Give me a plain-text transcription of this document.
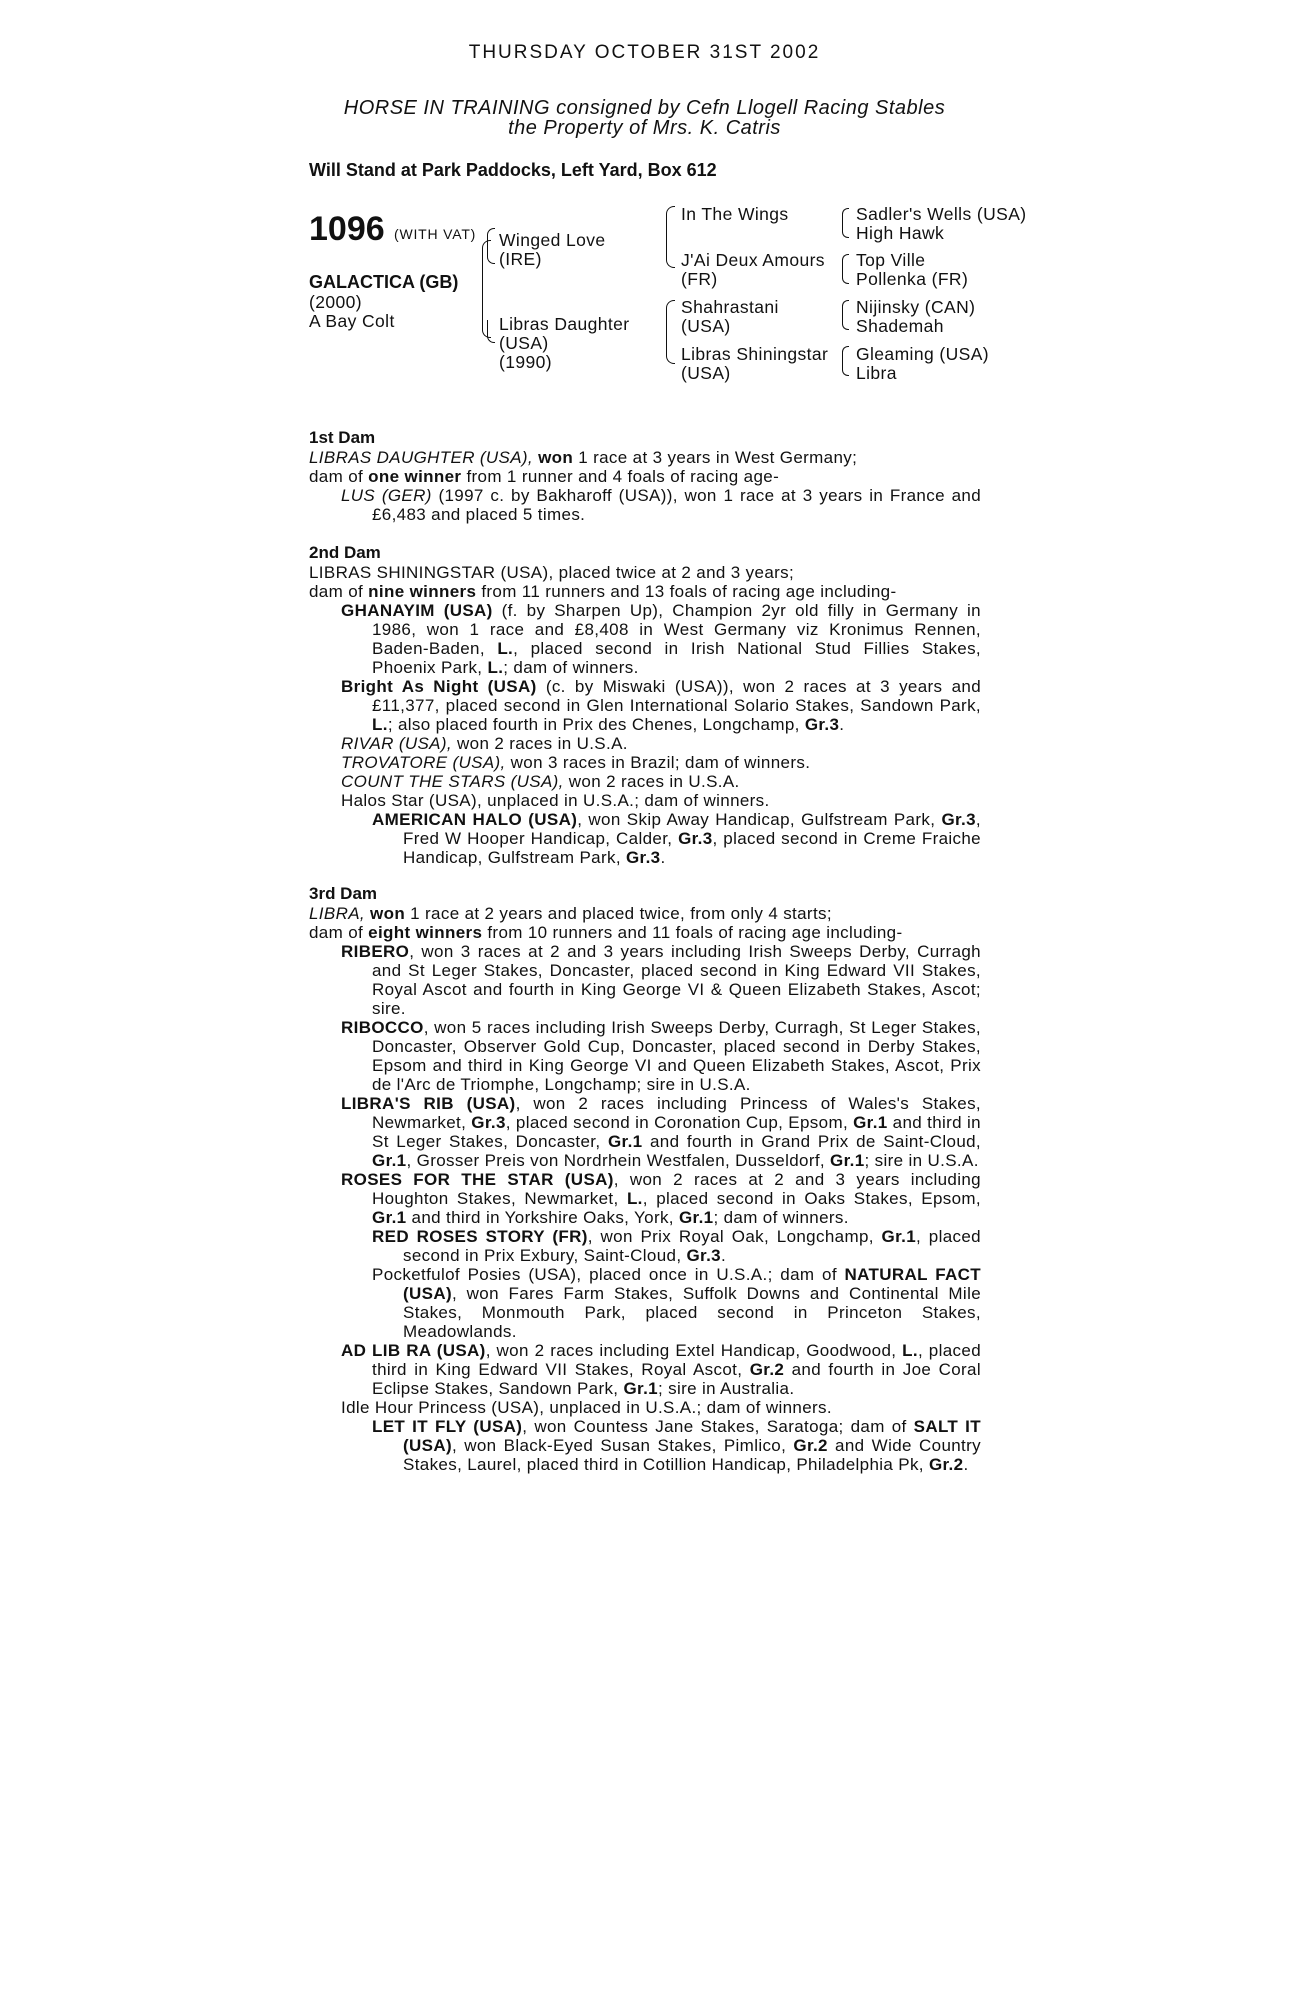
THURSDAY OCTOBER 31ST 2002
HORSE IN TRAINING consigned by Cefn Llogell Racing Stables
the Property of Mrs. K. Catris
Will Stand at Park Paddocks, Left Yard, Box 612
1096 (WITH VAT)
GALACTICA (GB)
(2000)
A Bay Colt
Winged Love
(IRE)
Libras Daughter
(USA)
(1990)
In The Wings
J'Ai Deux Amours
(FR)
Shahrastani
(USA)
Libras Shiningstar
(USA)
Sadler's Wells (USA)
High Hawk
Top Ville
Pollenka (FR)
Nijinsky (CAN)
Shademah
Gleaming (USA)
Libra

1st Dam

LIBRAS DAUGHTER (USA), won 1 race at 3 years in West Germany;

dam of one winner from 1 runner and 4 foals of racing age-

LUS (GER) (1997 c. by Bakharoff (USA)), won 1 race at 3 years in France and £6,483 and placed 5 times.

2nd Dam

LIBRAS SHININGSTAR (USA), placed twice at 2 and 3 years;

dam of nine winners from 11 runners and 13 foals of racing age including-

GHANAYIM (USA) (f. by Sharpen Up), Champion 2yr old filly in Germany in 1986, won 1 race and £8,408 in West Germany viz Kronimus Rennen, Baden-Baden, L., placed second in Irish National Stud Fillies Stakes, Phoenix Park, L.; dam of winners.

Bright As Night (USA) (c. by Miswaki (USA)), won 2 races at 3 years and £11,377, placed second in Glen International Solario Stakes, Sandown Park, L.; also placed fourth in Prix des Chenes, Longchamp, Gr.3.

RIVAR (USA), won 2 races in U.S.A.

TROVATORE (USA), won 3 races in Brazil; dam of winners.

COUNT THE STARS (USA), won 2 races in U.S.A.

Halos Star (USA), unplaced in U.S.A.; dam of winners.

AMERICAN HALO (USA), won Skip Away Handicap, Gulfstream Park, Gr.3, Fred W Hooper Handicap, Calder, Gr.3, placed second in Creme Fraiche Handicap, Gulfstream Park, Gr.3.

3rd Dam

LIBRA, won 1 race at 2 years and placed twice, from only 4 starts;

dam of eight winners from 10 runners and 11 foals of racing age including-

RIBERO, won 3 races at 2 and 3 years including Irish Sweeps Derby, Curragh and St Leger Stakes, Doncaster, placed second in King Edward VII Stakes, Royal Ascot and fourth in King George VI & Queen Elizabeth Stakes, Ascot; sire.

RIBOCCO, won 5 races including Irish Sweeps Derby, Curragh, St Leger Stakes, Doncaster, Observer Gold Cup, Doncaster, placed second in Derby Stakes, Epsom and third in King George VI and Queen Elizabeth Stakes, Ascot, Prix de l'Arc de Triomphe, Longchamp; sire in U.S.A.

LIBRA'S RIB (USA), won 2 races including Princess of Wales's Stakes, Newmarket, Gr.3, placed second in Coronation Cup, Epsom, Gr.1 and third in St Leger Stakes, Doncaster, Gr.1 and fourth in Grand Prix de Saint-Cloud, Gr.1, Grosser Preis von Nordrhein Westfalen, Dusseldorf, Gr.1; sire in U.S.A.

ROSES FOR THE STAR (USA), won 2 races at 2 and 3 years including Houghton Stakes, Newmarket, L., placed second in Oaks Stakes, Epsom, Gr.1 and third in Yorkshire Oaks, York, Gr.1; dam of winners.

RED ROSES STORY (FR), won Prix Royal Oak, Longchamp, Gr.1, placed second in Prix Exbury, Saint-Cloud, Gr.3.

Pocketfulof Posies (USA), placed once in U.S.A.; dam of NATURAL FACT (USA), won Fares Farm Stakes, Suffolk Downs and Continental Mile Stakes, Monmouth Park, placed second in Princeton Stakes, Meadowlands.

AD LIB RA (USA), won 2 races including Extel Handicap, Goodwood, L., placed third in King Edward VII Stakes, Royal Ascot, Gr.2 and fourth in Joe Coral Eclipse Stakes, Sandown Park, Gr.1; sire in Australia.

Idle Hour Princess (USA), unplaced in U.S.A.; dam of winners.

LET IT FLY (USA), won Countess Jane Stakes, Saratoga; dam of SALT IT (USA), won Black-Eyed Susan Stakes, Pimlico, Gr.2 and Wide Country Stakes, Laurel, placed third in Cotillion Handicap, Philadelphia Pk, Gr.2.
